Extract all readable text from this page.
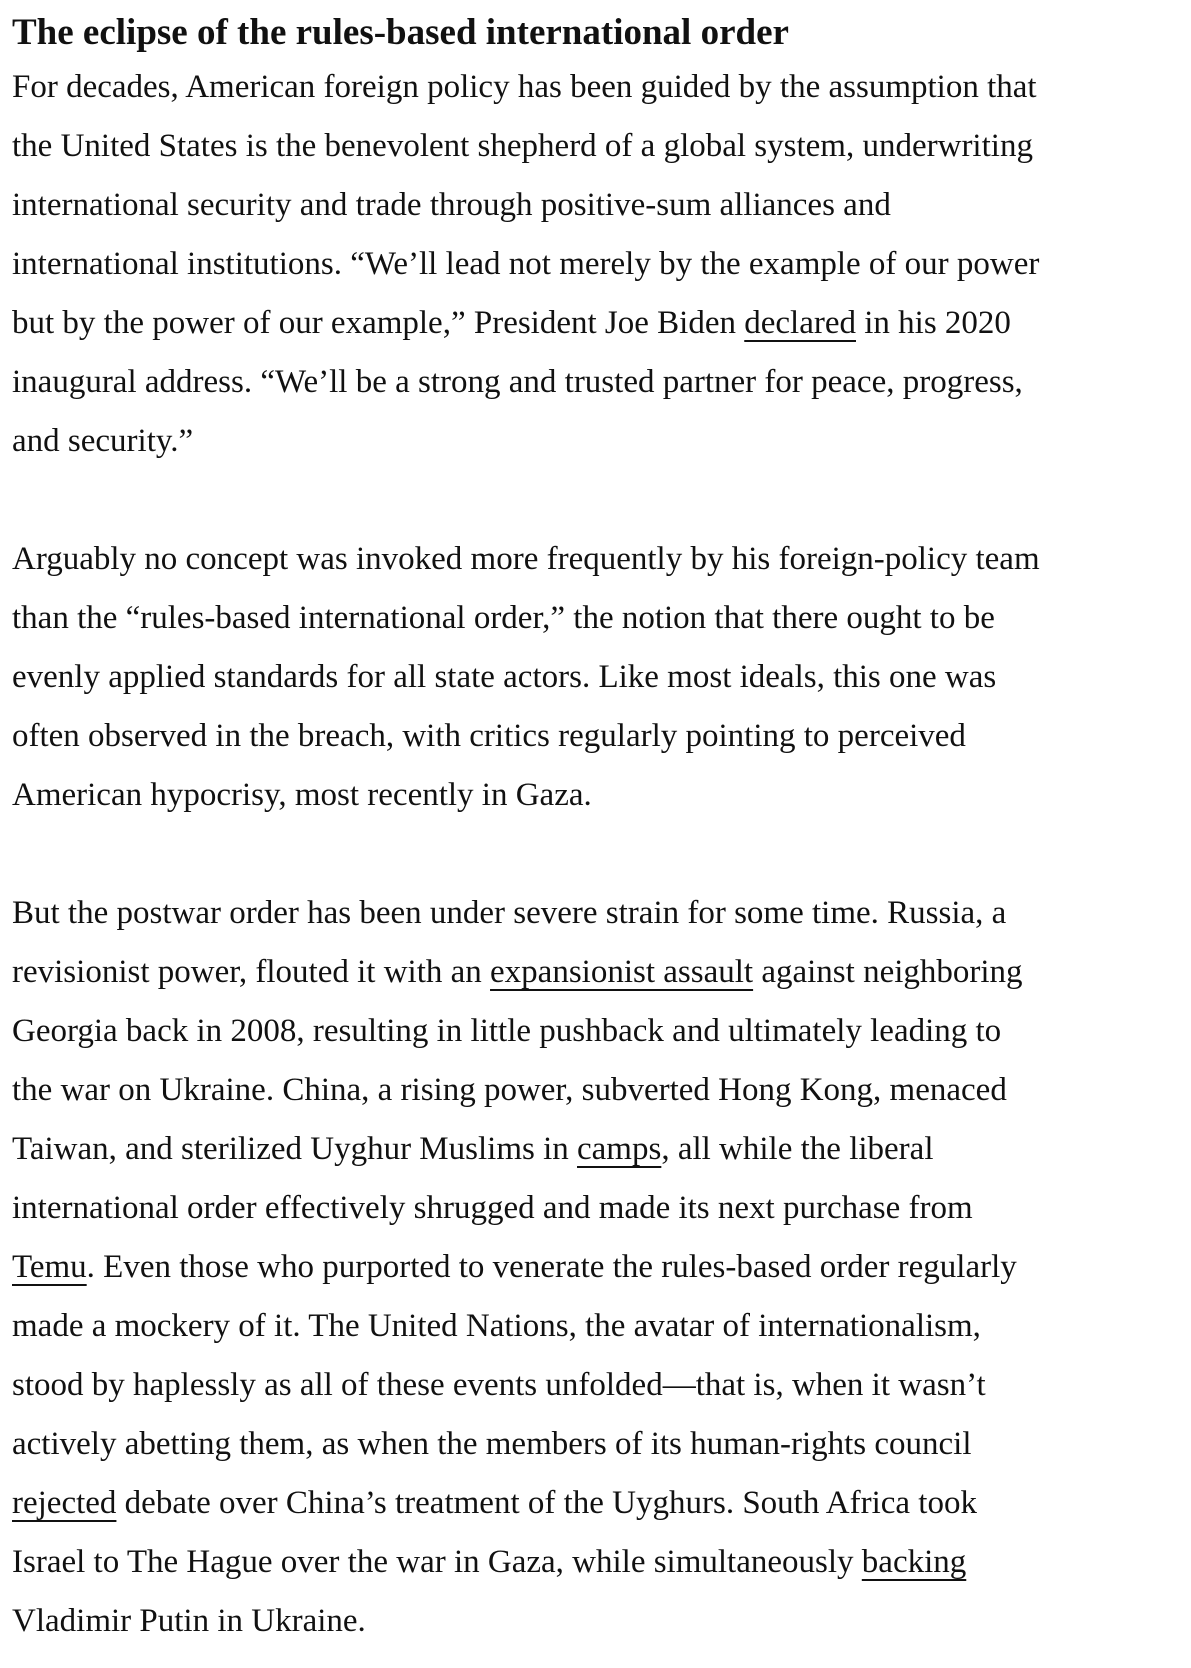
The eclipse of the rules-based international order

For decades, American foreign policy has been guided by the assumption that
the United States is the benevolent shepherd of a global system, underwriting
international security and trade through positive-sum alliances and
international institutions. “We’ll lead not merely by the example of our power
but by the power of our example,” President Joe Biden declared in his 2020
inaugural address. “We’ll be a strong and trusted partner for peace, progress,
and security.”

Arguably no concept was invoked more frequently by his foreign-policy team
than the “rules-based international order,” the notion that there ought to be
evenly applied standards for all state actors. Like most ideals, this one was
often observed in the breach, with critics regularly pointing to perceived
American hypocrisy, most recently in Gaza.

But the postwar order has been under severe strain for some time. Russia, a
revisionist power, flouted it with an expansionist assault against neighboring
Georgia back in 2008, resulting in little pushback and ultimately leading to
the war on Ukraine. China, a rising power, subverted Hong Kong, menaced
Taiwan, and sterilized Uyghur Muslims in camps, all while the liberal
international order effectively shrugged and made its next purchase from
Temu. Even those who purported to venerate the rules-based order regularly
made a mockery of it. The United Nations, the avatar of internationalism,
stood by haplessly as all of these events unfolded—that is, when it wasn’t
actively abetting them, as when the members of its human-rights council
rejected debate over China’s treatment of the Uyghurs. South Africa took
Israel to The Hague over the war in Gaza, while simultaneously backing
Vladimir Putin in Ukraine.
